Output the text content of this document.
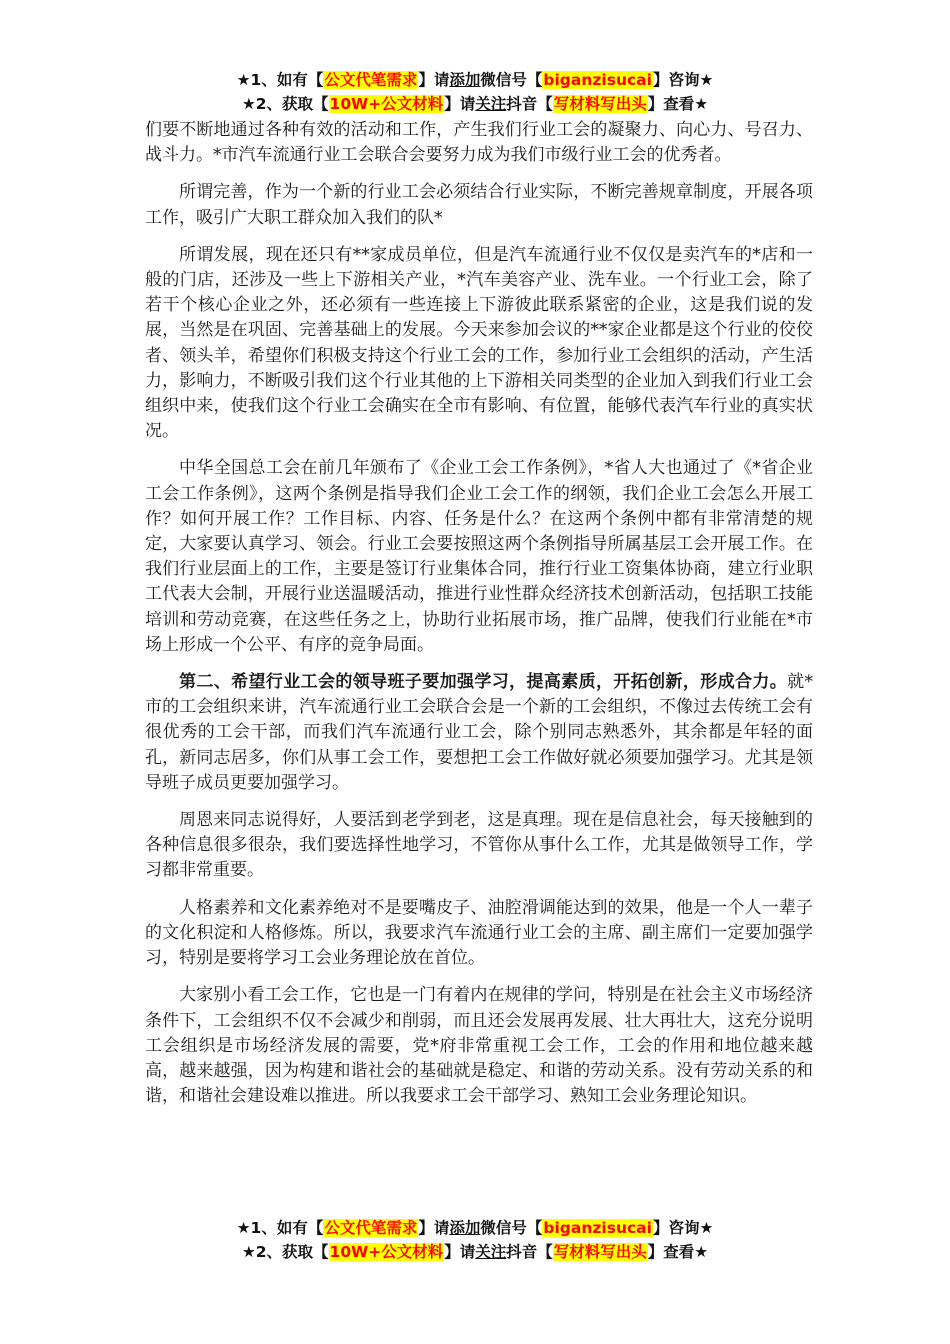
★1、如有【公文代笔需求】请添加微信号【biganzisucai】咨询★
★2、获取【10W+公文材料】请关注抖音【写材料写出头】查看★

们要不断地通过各种有效的活动和工作，产生我们行业工会的凝聚力、向心力、号召力、战斗力。*市汽车流通行业工会联合会要努力成为我们市级行业工会的优秀者。

所谓完善，作为一个新的行业工会必须结合行业实际，不断完善规章制度，开展各项工作，吸引广大职工群众加入我们的队*

所谓发展，现在还只有**家成员单位，但是汽车流通行业不仅仅是卖汽车的*店和一般的门店，还涉及一些上下游相关产业，*汽车美容产业、洗车业。一个行业工会，除了若干个核心企业之外，还必须有一些连接上下游彼此联系紧密的企业，这是我们说的发展，当然是在巩固、完善基础上的发展。今天来参加会议的**家企业都是这个行业的佼佼者、领头羊，希望你们积极支持这个行业工会的工作，参加行业工会组织的活动，产生活力，影响力，不断吸引我们这个行业其他的上下游相关同类型的企业加入到我们行业工会组织中来，使我们这个行业工会确实在全市有影响、有位置，能够代表汽车行业的真实状况。

中华全国总工会在前几年颁布了《企业工会工作条例》，*省人大也通过了《*省企业工会工作条例》，这两个条例是指导我们企业工会工作的纲领，我们企业工会怎么开展工作？如何开展工作？工作目标、内容、任务是什么？在这两个条例中都有非常清楚的规定，大家要认真学习、领会。行业工会要按照这两个条例指导所属基层工会开展工作。在我们行业层面上的工作，主要是签订行业集体合同，推行行业工资集体协商，建立行业职工代表大会制，开展行业送温暖活动，推进行业性群众经济技术创新活动，包括职工技能培训和劳动竞赛，在这些任务之上，协助行业拓展市场，推广品牌，使我们行业能在*市场上形成一个公平、有序的竞争局面。

第二、希望行业工会的领导班子要加强学习，提高素质，开拓创新，形成合力。就*市的工会组织来讲，汽车流通行业工会联合会是一个新的工会组织，不像过去传统工会有很优秀的工会干部，而我们汽车流通行业工会，除个别同志熟悉外，其余都是年轻的面孔，新同志居多，你们从事工会工作，要想把工会工作做好就必须要加强学习。尤其是领导班子成员更要加强学习。

周恩来同志说得好，人要活到老学到老，这是真理。现在是信息社会，每天接触到的各种信息很多很杂，我们要选择性地学习，不管你从事什么工作，尤其是做领导工作，学习都非常重要。

人格素养和文化素养绝对不是要嘴皮子、油腔滑调能达到的效果，他是一个人一辈子的文化积淀和人格修炼。所以，我要求汽车流通行业工会的主席、副主席们一定要加强学习，特别是要将学习工会业务理论放在首位。

大家别小看工会工作，它也是一门有着内在规律的学问，特别是在社会主义市场经济条件下，工会组织不仅不会减少和削弱，而且还会发展再发展、壮大再壮大，这充分说明工会组织是市场经济发展的需要，党*府非常重视工会工作，工会的作用和地位越来越高，越来越强，因为构建和谐社会的基础就是稳定、和谐的劳动关系。没有劳动关系的和谐，和谐社会建设难以推进。所以我要求工会干部学习、熟知工会业务理论知识。

★1、如有【公文代笔需求】请添加微信号【biganzisucai】咨询★
★2、获取【10W+公文材料】请关注抖音【写材料写出头】查看★
